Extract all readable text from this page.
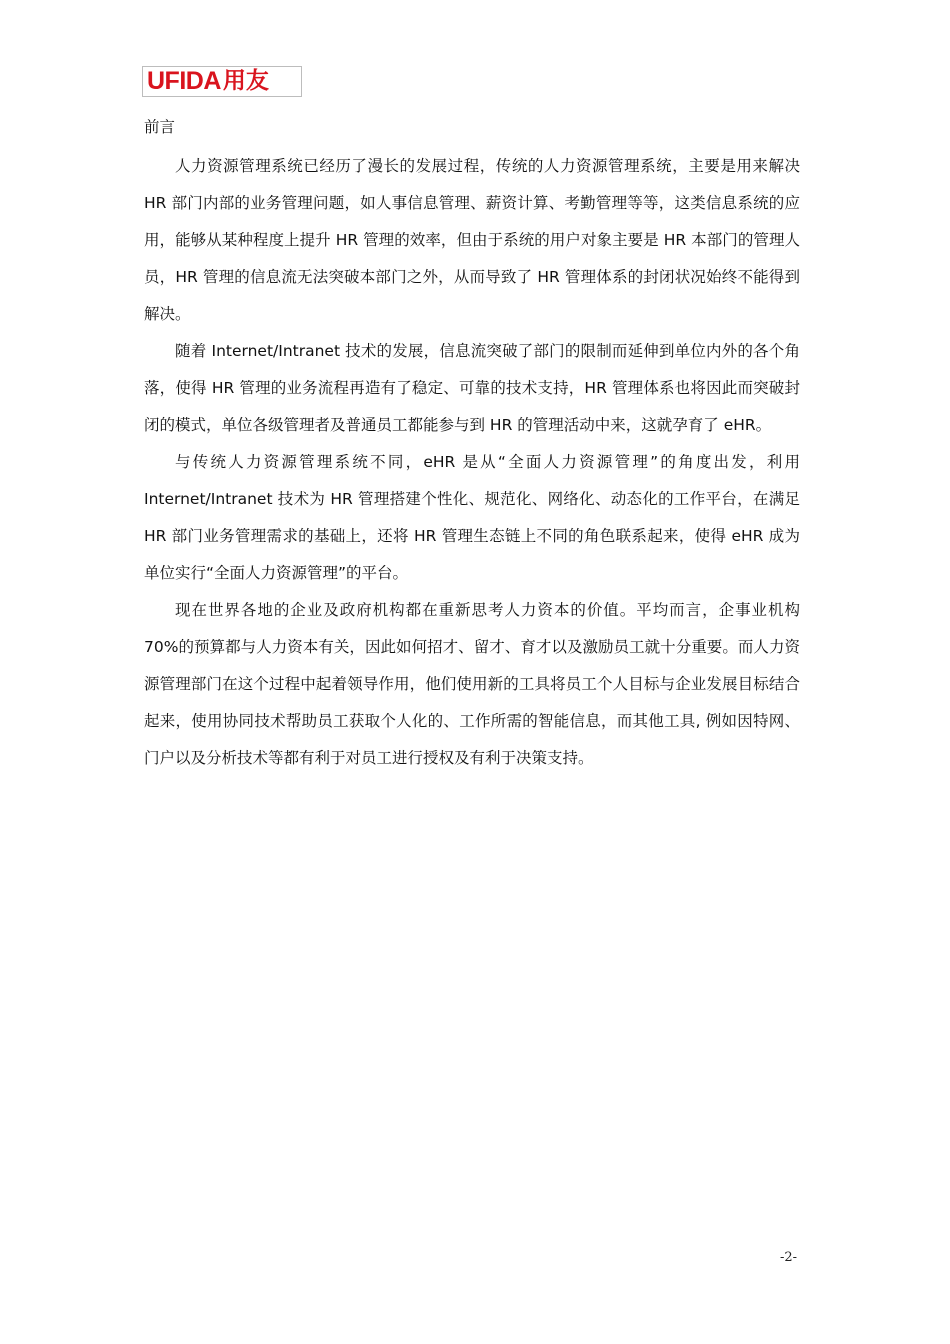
UFIDA 用友
前言

人力资源管理系统已经历了漫长的发展过程，传统的人力资源管理系统，主要是用来解决 HR 部门内部的业务管理问题，如人事信息管理、薪资计算、考勤管理等等，这类信息系统的应用，能够从某种程度上提升 HR 管理的效率，但由于系统的用户对象主要是 HR 本部门的管理人员，HR 管理的信息流无法突破本部门之外，从而导致了 HR 管理体系的封闭状况始终不能得到解决。

随着 Internet/Intranet 技术的发展，信息流突破了部门的限制而延伸到单位内外的各个角落，使得 HR 管理的业务流程再造有了稳定、可靠的技术支持，HR 管理体系也将因此而突破封闭的模式，单位各级管理者及普通员工都能参与到 HR 的管理活动中来，这就孕育了 eHR。

与传统人力资源管理系统不同，eHR 是从“全面人力资源管理”的角度出发，利用 Internet/Intranet 技术为 HR 管理搭建个性化、规范化、网络化、动态化的工作平台，在满足 HR 部门业务管理需求的基础上，还将 HR 管理生态链上不同的角色联系起来，使得 eHR 成为单位实行“全面人力资源管理”的平台。

现在世界各地的企业及政府机构都在重新思考人力资本的价值。平均而言，企事业机构 70%的预算都与人力资本有关，因此如何招才、留才、育才以及激励员工就十分重要。而人力资源管理部门在这个过程中起着领导作用，他们使用新的工具将员工个人目标与企业发展目标结合起来，使用协同技术帮助员工获取个人化的、工作所需的智能信息，而其他工具, 例如因特网、门户以及分析技术等都有利于对员工进行授权及有利于决策支持。

-2-
